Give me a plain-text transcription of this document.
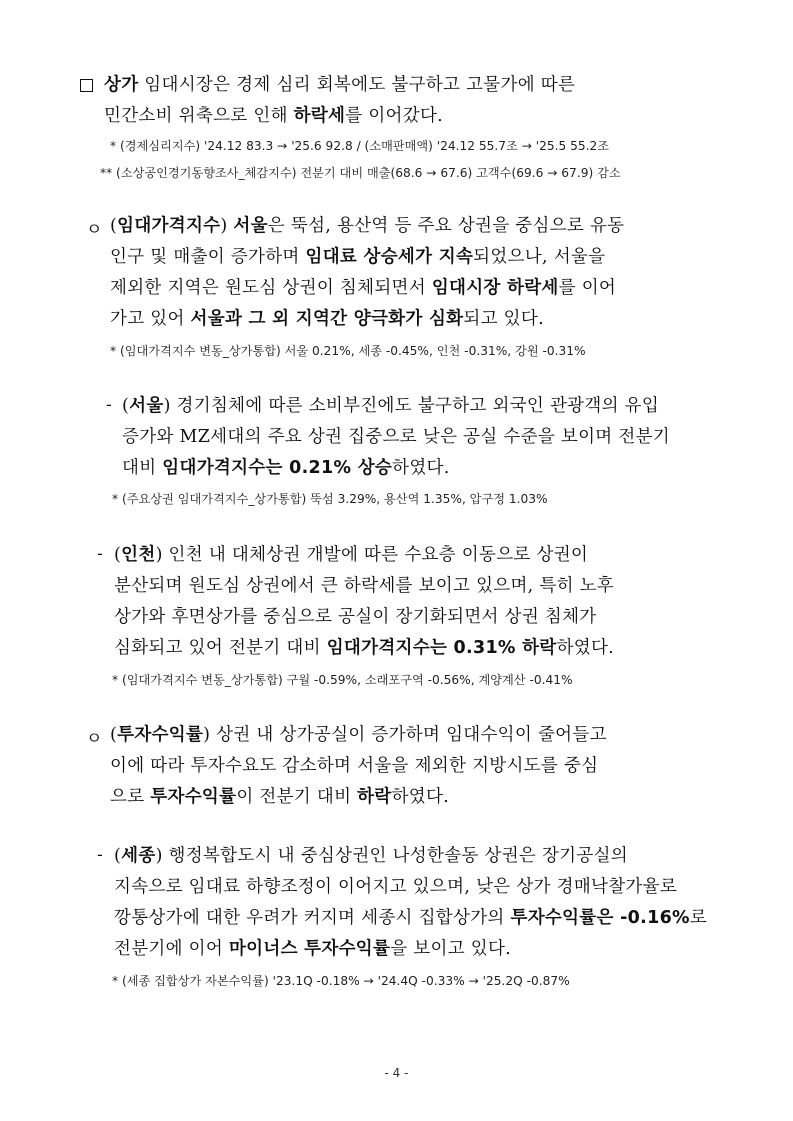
상가 임대시장은 경제 심리 회복에도 불구하고 고물가에 따른
민간소비 위축으로 인해 하락세를 이어갔다.
* (경제심리지수) '24.12 83.3 → '25.6 92.8 / (소매판매액) '24.12 55.7조 → '25.5 55.2조
** (소상공인경기동향조사_체감지수) 전분기 대비 매출(68.6 → 67.6) 고객수(69.6 → 67.9) 감소
ㅇ (임대가격지수) 서울은 뚝섬, 용산역 등 주요 상권을 중심으로 유동
인구 및 매출이 증가하며 임대료 상승세가 지속되었으나, 서울을
제외한 지역은 원도심 상권이 침체되면서 임대시장 하락세를 이어
가고 있어 서울과 그 외 지역간 양극화가 심화되고 있다.
* (임대가격지수 변동_상가통합) 서울 0.21%, 세종 -0.45%, 인천 -0.31%, 강원 -0.31%
- (서울) 경기침체에 따른 소비부진에도 불구하고 외국인 관광객의 유입
증가와 MZ세대의 주요 상권 집중으로 낮은 공실 수준을 보이며 전분기
대비 임대가격지수는 0.21% 상승하였다.
* (주요상권 임대가격지수_상가통합) 뚝섬 3.29%, 용산역 1.35%, 압구정 1.03%
- (인천) 인천 내 대체상권 개발에 따른 수요층 이동으로 상권이
분산되며 원도심 상권에서 큰 하락세를 보이고 있으며, 특히 노후
상가와 후면상가를 중심으로 공실이 장기화되면서 상권 침체가
심화되고 있어 전분기 대비 임대가격지수는 0.31% 하락하였다.
* (임대가격지수 변동_상가통합) 구월 -0.59%, 소래포구역 -0.56%, 계양계산 -0.41%
ㅇ (투자수익률) 상권 내 상가공실이 증가하며 임대수익이 줄어들고
이에 따라 투자수요도 감소하며 서울을 제외한 지방시도를 중심
으로 투자수익률이 전분기 대비 하락하였다.
- (세종) 행정복합도시 내 중심상권인 나성한솔동 상권은 장기공실의
지속으로 임대료 하향조정이 이어지고 있으며, 낮은 상가 경매낙찰가율로
깡통상가에 대한 우려가 커지며 세종시 집합상가의 투자수익률은 -0.16%로
전분기에 이어 마이너스 투자수익률을 보이고 있다.
* (세종 집합상가 자본수익률) '23.1Q -0.18% → '24.4Q -0.33% → '25.2Q -0.87%
- 4 -
